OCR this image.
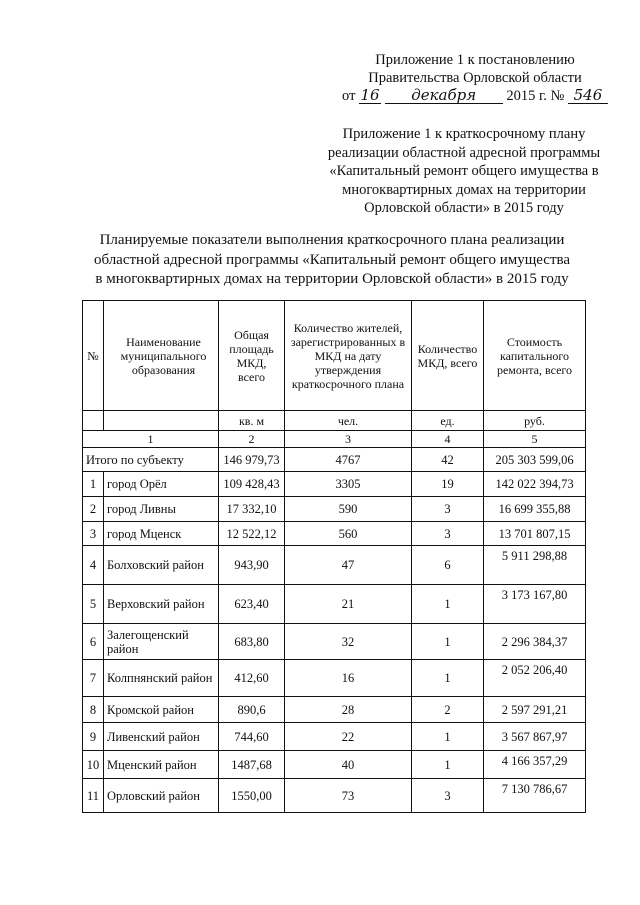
Приложение 1 к постановлению
Правительства Орловской области
от 16 декабря 2015 г. № 546
Приложение 1 к краткосрочному плану
реализации областной адресной программы
«Капитальный ремонт общего имущества в
многоквартирных домах на территории
Орловской области» в 2015 году
Планируемые показатели выполнения краткосрочного плана реализации
областной адресной программы «Капитальный ремонт общего имущества
в многоквартирных домах на территории Орловской области» в 2015 году
№	Наименование муниципального образования	Общая площадь МКД, всего	Количество жителей, зарегистрированных в МКД на дату утверждения краткосрочного плана	Количество МКД, всего	Стоимость капитального ремонта, всего
		кв. м	чел.	ед.	руб.
1		2	3	4	5
Итого по субъекту		146 979,73	4767	42	205 303 599,06
1	город Орёл	109 428,43	3305	19	142 022 394,73
2	город Ливны	17 332,10	590	3	16 699 355,88
3	город Мценск	12 522,12	560	3	13 701 807,15
4	Болховский район	943,90	47	6	5 911 298,88
5	Верховский район	623,40	21	1	3 173 167,80
6	Залегощенский район	683,80	32	1	2 296 384,37
7	Колпнянский район	412,60	16	1	2 052 206,40
8	Кромской район	890,6	28	2	2 597 291,21
9	Ливенский район	744,60	22	1	3 567 867,97
10	Мценский район	1487,68	40	1	4 166 357,29
11	Орловский район	1550,00	73	3	7 130 786,67
